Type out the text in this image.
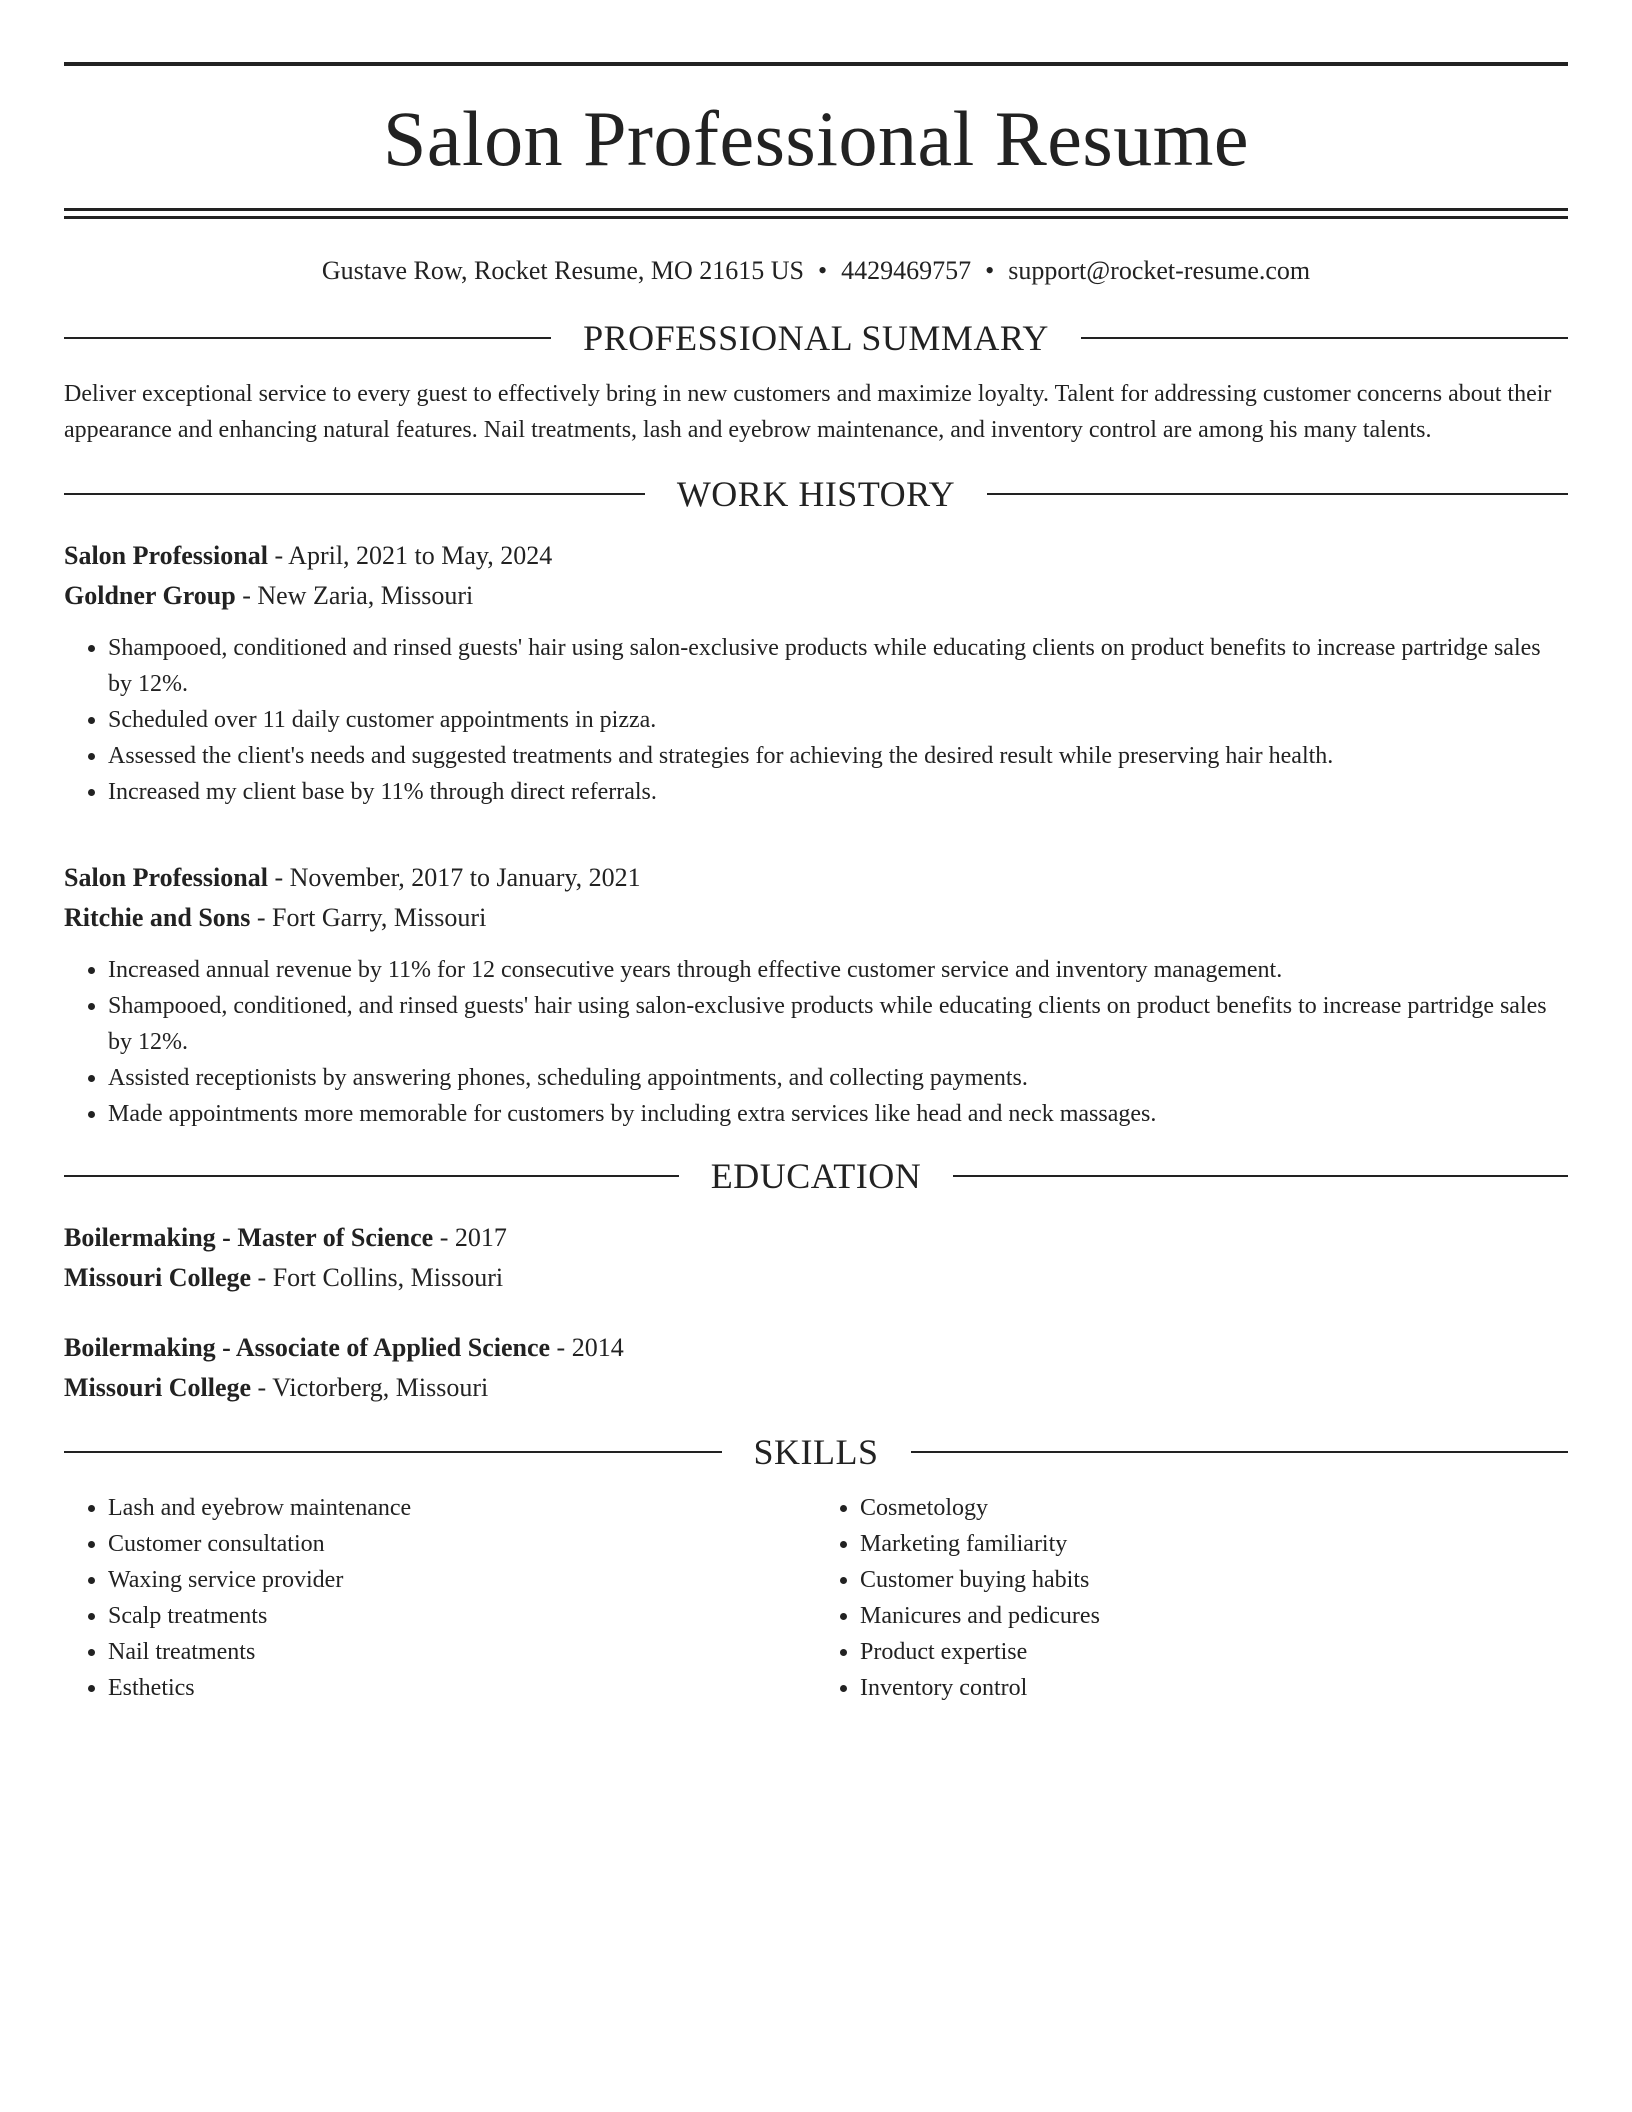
Salon Professional Resume
Gustave Row, Rocket Resume, MO 21615 US • 4429469757 • support@rocket-resume.com
PROFESSIONAL SUMMARY

Deliver exceptional service to every guest to effectively bring in new customers and maximize loyalty. Talent for addressing customer concerns about their appearance and enhancing natural features. Nail treatments, lash and eyebrow maintenance, and inventory control are among his many talents.

WORK HISTORY
Salon Professional - April, 2021 to May, 2024
Goldner Group - New Zaria, Missouri
• Shampooed, conditioned and rinsed guests' hair using salon-exclusive products while educating clients on product benefits to increase partridge sales by 12%.
• Scheduled over 11 daily customer appointments in pizza.
• Assessed the client's needs and suggested treatments and strategies for achieving the desired result while preserving hair health.
• Increased my client base by 11% through direct referrals.
Salon Professional - November, 2017 to January, 2021
Ritchie and Sons - Fort Garry, Missouri
• Increased annual revenue by 11% for 12 consecutive years through effective customer service and inventory management.
• Shampooed, conditioned, and rinsed guests' hair using salon-exclusive products while educating clients on product benefits to increase partridge sales by 12%.
• Assisted receptionists by answering phones, scheduling appointments, and collecting payments.
• Made appointments more memorable for customers by including extra services like head and neck massages.
EDUCATION
Boilermaking - Master of Science - 2017
Missouri College - Fort Collins, Missouri
Boilermaking - Associate of Applied Science - 2014
Missouri College - Victorberg, Missouri
SKILLS
• Lash and eyebrow maintenance
• Customer consultation
• Waxing service provider
• Scalp treatments
• Nail treatments
• Esthetics
• Cosmetology
• Marketing familiarity
• Customer buying habits
• Manicures and pedicures
• Product expertise
• Inventory control
